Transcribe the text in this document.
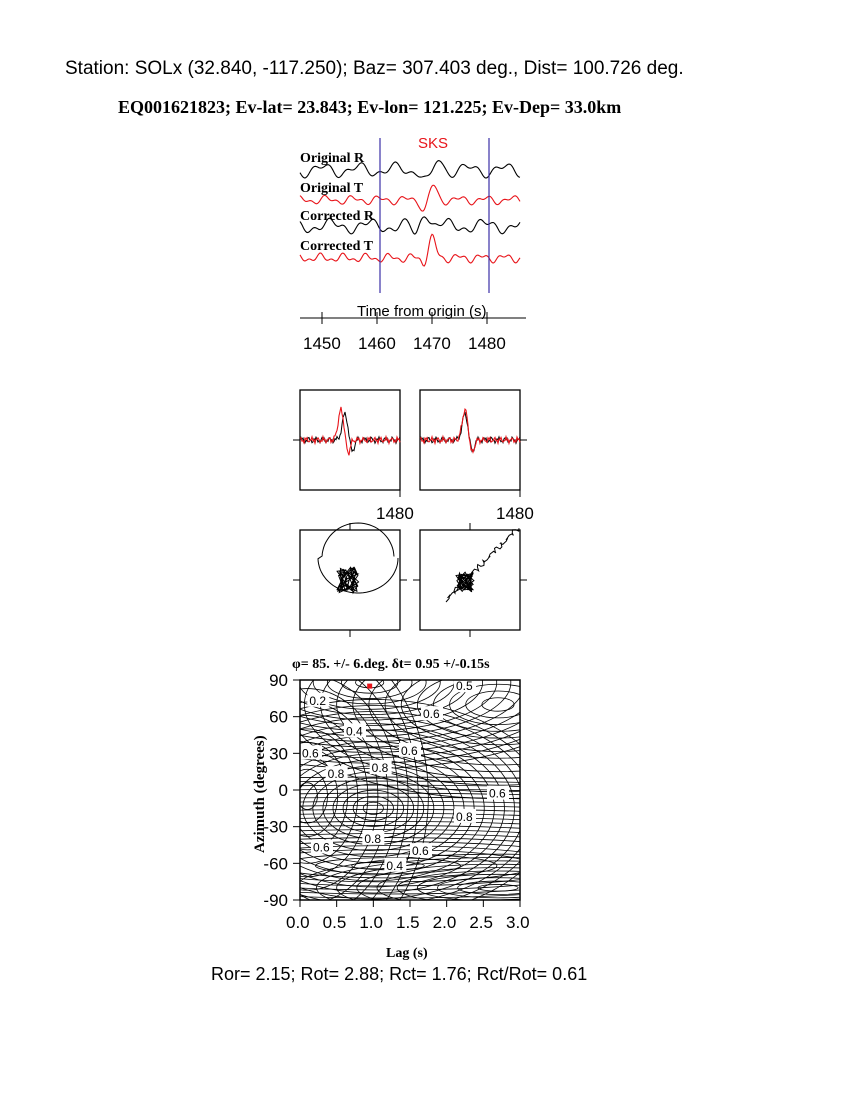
Station: SOLx (32.840, -117.250); Baz= 307.403 deg., Dist= 100.726 deg.
EQ001621823; Ev-lat= 23.843; Ev-lon= 121.225; Ev-Dep= 33.0km
SKS
Original R
Original T
Corrected R
Corrected T
1450 1460 1470 1480
Time from origin (s)
1480	1480
φ= 85. +/- 6.deg. δt= 0.95 +/-0.15s
0.2
0.5
0.6
0.4
0.6
0.6
0.8
0.8
0.6
0.8
0.8
0.6	0.6
0.4
0.0 0.5 1.0 1.5 2.0 2.5 3.0
-90
-60
-30
0
30
60
90
Azimuth (degrees)
Lag (s)
Ror= 2.15; Rot= 2.88; Rct= 1.76; Rct/Rot= 0.61
